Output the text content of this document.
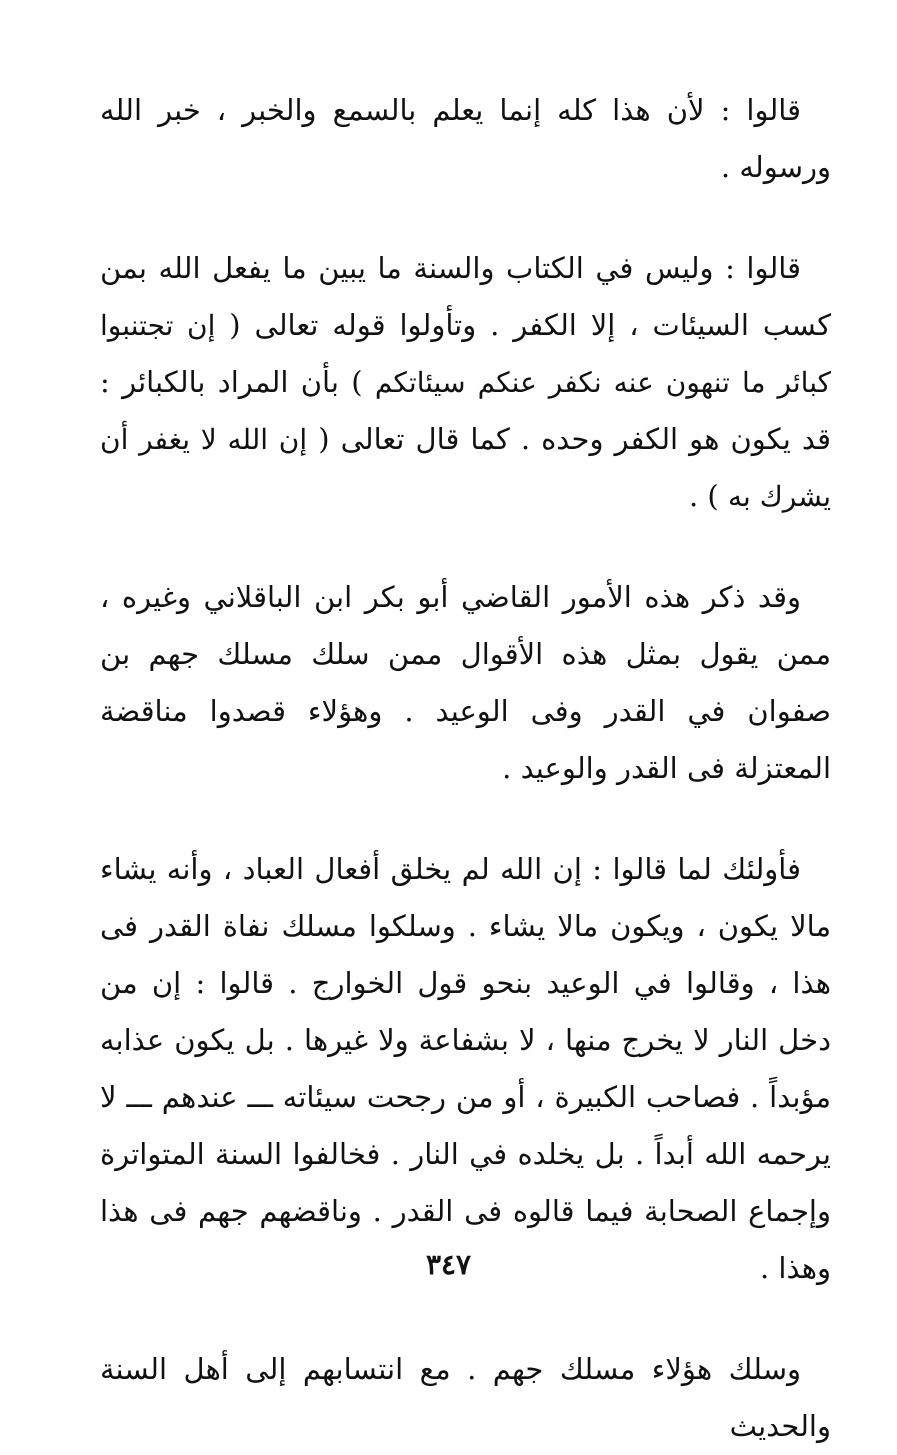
قالوا : لأن هذا كله إنما يعلم بالسمع والخبر ، خبر الله ورسوله .

قالوا : وليس في الكتاب والسنة ما يبين ما يفعل الله بمن كسب السيئات ، إلا الكفر . وتأولوا قوله تعالى ( إن تجتنبوا كبائر ما تنهون عنه نكفر عنكم سيئاتكم ) بأن المراد بالكبائر : قد يكون هو الكفر وحده . كما قال تعالى ( إن الله لا يغفر أن يشرك به ) .

وقد ذكر هذه الأمور القاضي أبو بكر ابن الباقلاني وغيره ، ممن يقول بمثل هذه الأقوال ممن سلك مسلك جهم بن صفوان في القدر وفى الوعيد . وهؤلاء قصدوا مناقضة المعتزلة فى القدر والوعيد .

فأولئك لما قالوا : إن الله لم يخلق أفعال العباد ، وأنه يشاء مالا يكون ، ويكون مالا يشاء . وسلكوا مسلك نفاة القدر فى هذا ، وقالوا في الوعيد بنحو قول الخوارج . قالوا : إن من دخل النار لا يخرج منها ، لا بشفاعة ولا غيرها . بل يكون عذابه مؤبداً . فصاحب الكبيرة ، أو من رجحت سيئاته ـــ عندهم ـــ لا يرحمه الله أبداً . بل يخلده في النار . فخالفوا السنة المتواترة وإجماع الصحابة فيما قالوه فى القدر . وناقضهم جهم فى هذا وهذا .

وسلك هؤلاء مسلك جهم . مع انتسابهم إلى أهل السنة والحديث

٣٤٧
